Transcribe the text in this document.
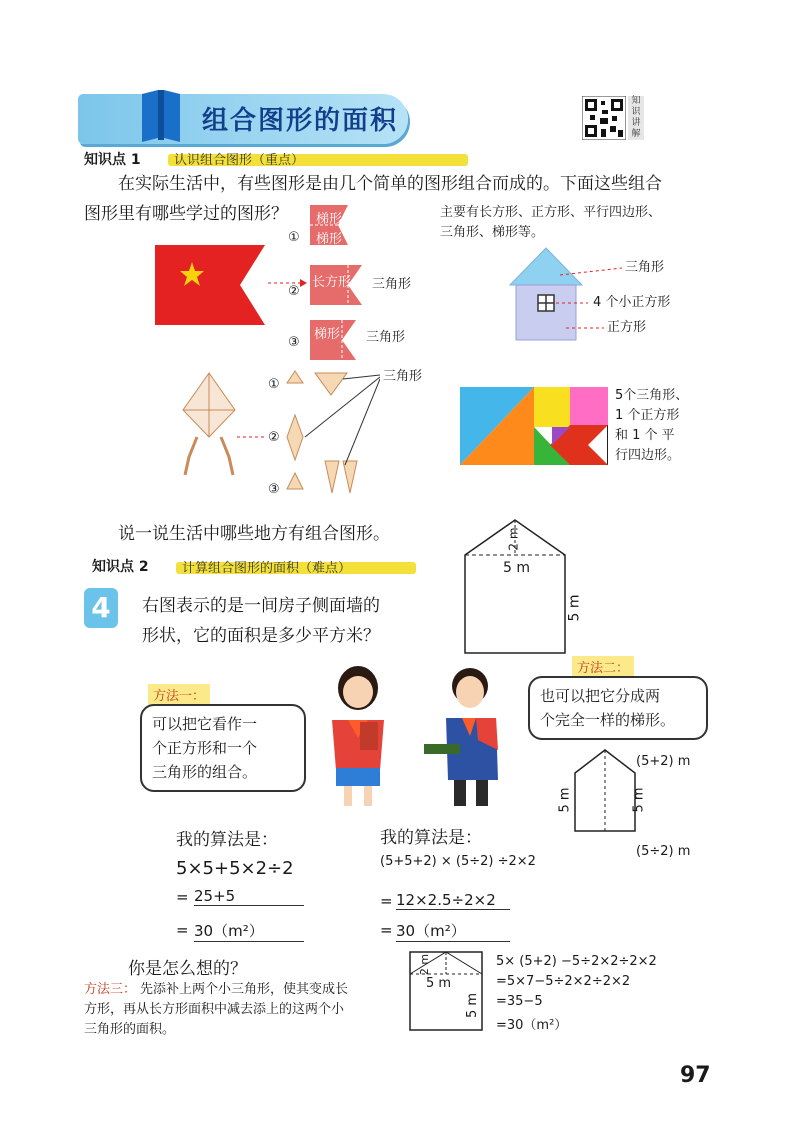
组合图形的面积
知识讲解
知识点 1	认识组合图形（重点）
在实际生活中，有些图形是由几个简单的图形组合而成的。下面这些组合
图形里有哪些学过的图形？	主要有长方形、正方形、平行四边形、
三角形、梯形等。
①
梯形
梯形
②
长方形 三角形
③
梯形 三角形
三角形
4 个小正方形
正方形
①
②
③
三角形
5个三角形、
1 个正方形
和 1 个 平
行四边形。
说一说生活中哪些地方有组合图形。
知识点 2	计算组合图形的面积（难点）
4	右图表示的是一间房子侧面墙的
形状，它的面积是多少平方米？
2 m
5 m
5 m
方法一：
可以把它看作一
个正方形和一个
三角形的组合。
方法二：
也可以把它分成两
个完全一样的梯形。
(5+2) m
5 m	5 m
(5÷2) m
我的算法是：
5×5+5×2÷2
= 25+5
= 30（m²）
我的算法是：
(5+5+2) × (5÷2) ÷2×2
= 12×2.5÷2×2
= 30（m²）
你是怎么想的？
方法三： 先添补上两个小三角形，使其变成长
方形，再从长方形面积中减去添上的这两个小
三角形的面积。
2 m
5 m
5 m
5× (5+2) −5÷2×2÷2×2
=5×7−5÷2×2÷2×2
=35−5
=30（m²）
97
